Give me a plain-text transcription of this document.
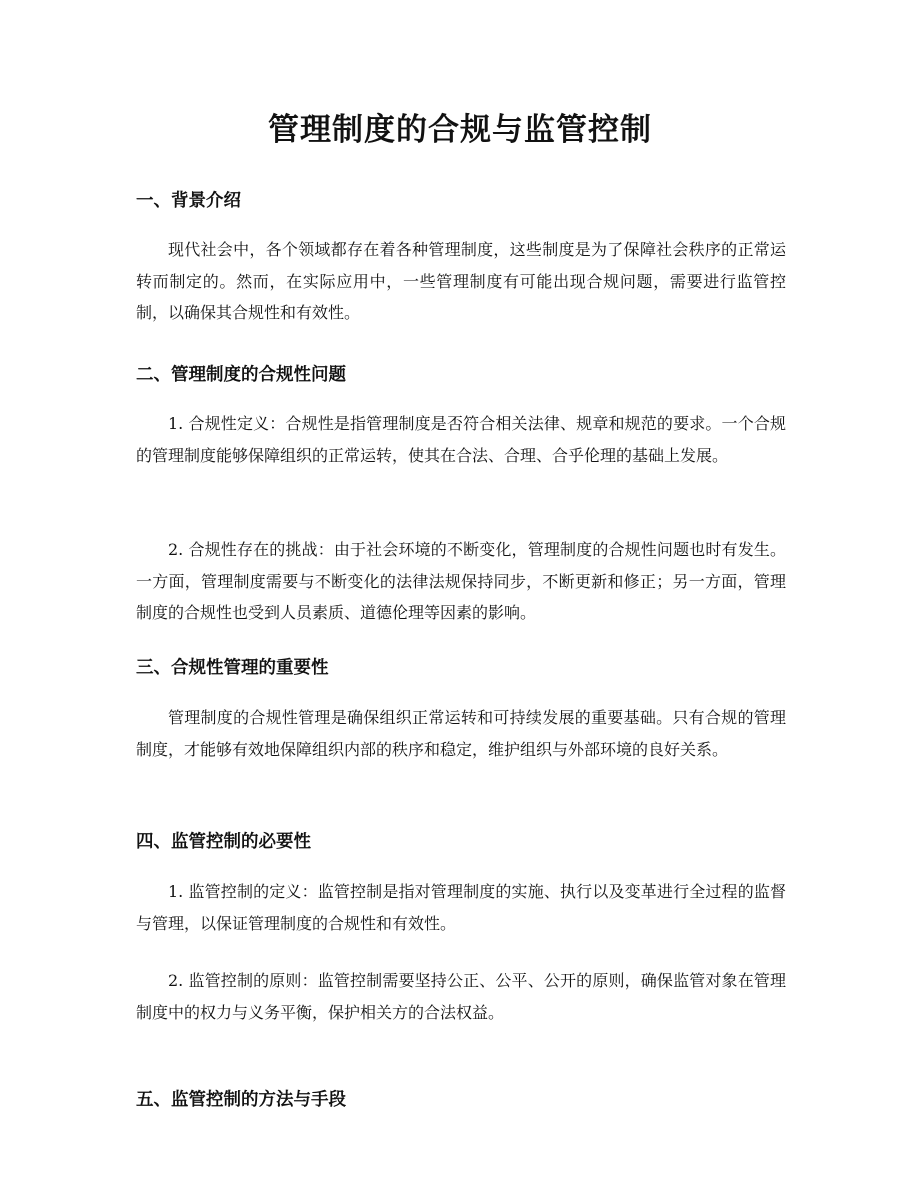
管理制度的合规与监管控制
一、背景介绍

现代社会中，各个领域都存在着各种管理制度，这些制度是为了保障社会秩序的正常运转而制定的。然而，在实际应用中，一些管理制度有可能出现合规问题，需要进行监管控制，以确保其合规性和有效性。

二、管理制度的合规性问题

1. 合规性定义：合规性是指管理制度是否符合相关法律、规章和规范的要求。一个合规的管理制度能够保障组织的正常运转，使其在合法、合理、合乎伦理的基础上发展。

2. 合规性存在的挑战：由于社会环境的不断变化，管理制度的合规性问题也时有发生。一方面，管理制度需要与不断变化的法律法规保持同步，不断更新和修正；另一方面，管理制度的合规性也受到人员素质、道德伦理等因素的影响。

三、合规性管理的重要性

管理制度的合规性管理是确保组织正常运转和可持续发展的重要基础。只有合规的管理制度，才能够有效地保障组织内部的秩序和稳定，维护组织与外部环境的良好关系。

四、监管控制的必要性

1. 监管控制的定义：监管控制是指对管理制度的实施、执行以及变革进行全过程的监督与管理，以保证管理制度的合规性和有效性。

2. 监管控制的原则：监管控制需要坚持公正、公平、公开的原则，确保监管对象在管理制度中的权力与义务平衡，保护相关方的合法权益。

五、监管控制的方法与手段
